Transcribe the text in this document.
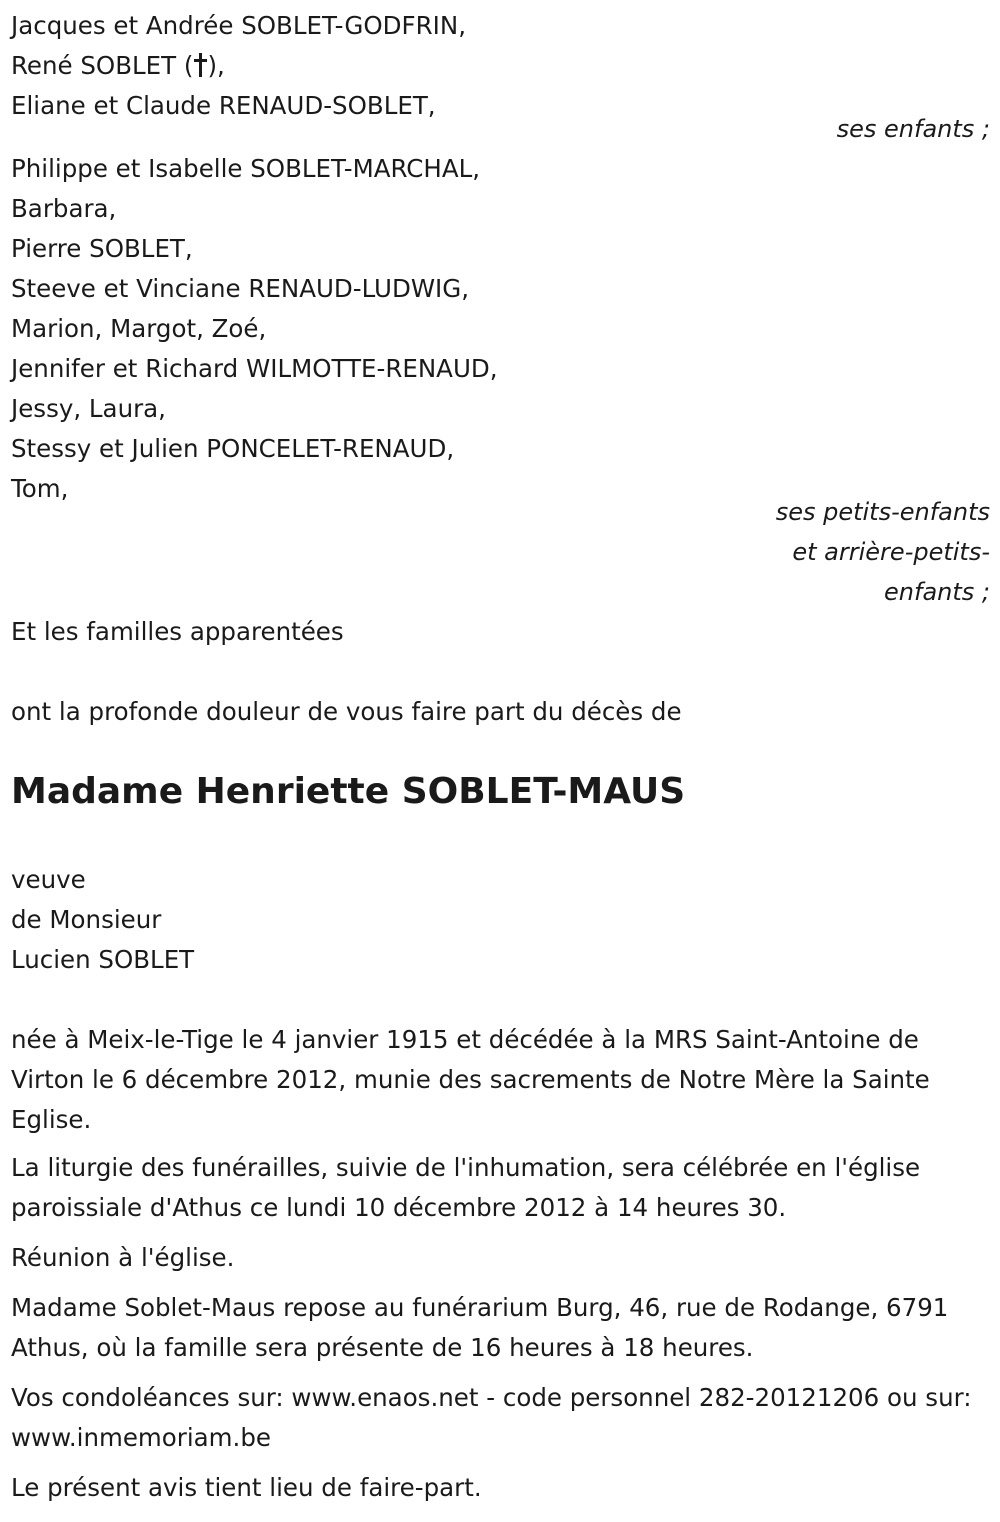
Jacques et Andrée SOBLET-GODFRIN,
René SOBLET ( ),
Eliane et Claude RENAUD-SOBLET,
ses enfants ;
Philippe et Isabelle SOBLET-MARCHAL,
Barbara,
Pierre SOBLET,
Steeve et Vinciane RENAUD-LUDWIG,
Marion, Margot, Zoé,
Jennifer et Richard WILMOTTE-RENAUD,
Jessy, Laura,
Stessy et Julien PONCELET-RENAUD,
Tom,
ses petits-enfants
et arrière-petits-
enfants ;
Et les familles apparentées
ont la profonde douleur de vous faire part du décès de
Madame Henriette SOBLET-MAUS
veuve
de Monsieur
Lucien SOBLET
née à Meix-le-Tige le 4 janvier 1915 et décédée à la MRS Saint-Antoine de Virton le 6 décembre 2012, munie des sacrements de Notre Mère la Sainte Eglise.
La liturgie des funérailles, suivie de l'inhumation, sera célébrée en l'église paroissiale d'Athus ce lundi 10 décembre 2012 à 14 heures 30.
Réunion à l'église.
Madame Soblet-Maus repose au funérarium Burg, 46, rue de Rodange, 6791 Athus, où la famille sera présente de 16 heures à 18 heures.
Vos condoléances sur: www.enaos.net - code personnel 282-20121206 ou sur: www.inmemoriam.be
Le présent avis tient lieu de faire-part.
